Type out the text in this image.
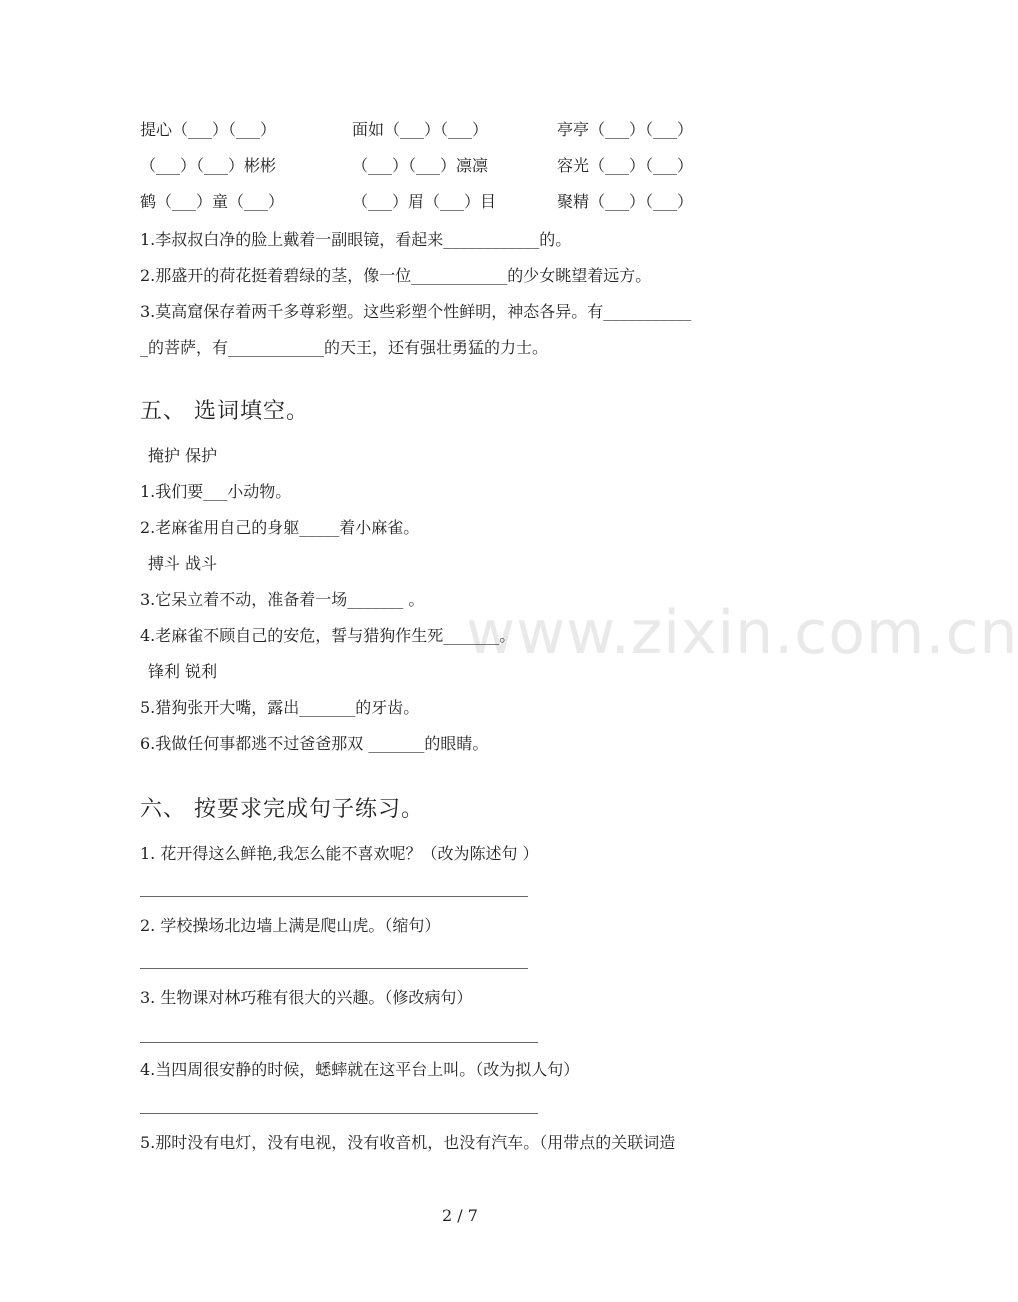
www.zixin.com.cn
提心（___）（___）	面如（___）（___）	亭亭（___）（___）
（___）（___）彬彬	（___）（___）凛凛	容光（___）（___）
鹤（___）童（___）	（___）眉（___）目	聚精（___）（___）
1.李叔叔白净的脸上戴着一副眼镜，看起来____________的。
2.那盛开的荷花挺着碧绿的茎，像一位____________的少女眺望着远方。
3.莫高窟保存着两千多尊彩塑。这些彩塑个性鲜明，神态各异。有___________
_的菩萨，有____________的天王，还有强壮勇猛的力士。
五、 选词填空。
掩护 保护
1.我们要___小动物。
2.老麻雀用自己的身躯_____着小麻雀。
搏斗 战斗
3.它呆立着不动，准备着一场_______ 。
4.老麻雀不顾自己的安危，誓与猎狗作生死_______。
锋利 锐利
5.猎狗张开大嘴，露出_______的牙齿。
6.我做任何事都逃不过爸爸那双 _______的眼睛。
六、 按要求完成句子练习。
1. 花开得这么鲜艳,我怎么能不喜欢呢？（改为陈述句 ）
2. 学校操场北边墙上满是爬山虎。（缩句）
3. 生物课对林巧稚有很大的兴趣。（修改病句）
4.当四周很安静的时候，蟋蟀就在这平台上叫。（改为拟人句）
5.那时没有电灯，没有电视，没有收音机，也没有汽车。（用带点的关联词造
2 / 7
